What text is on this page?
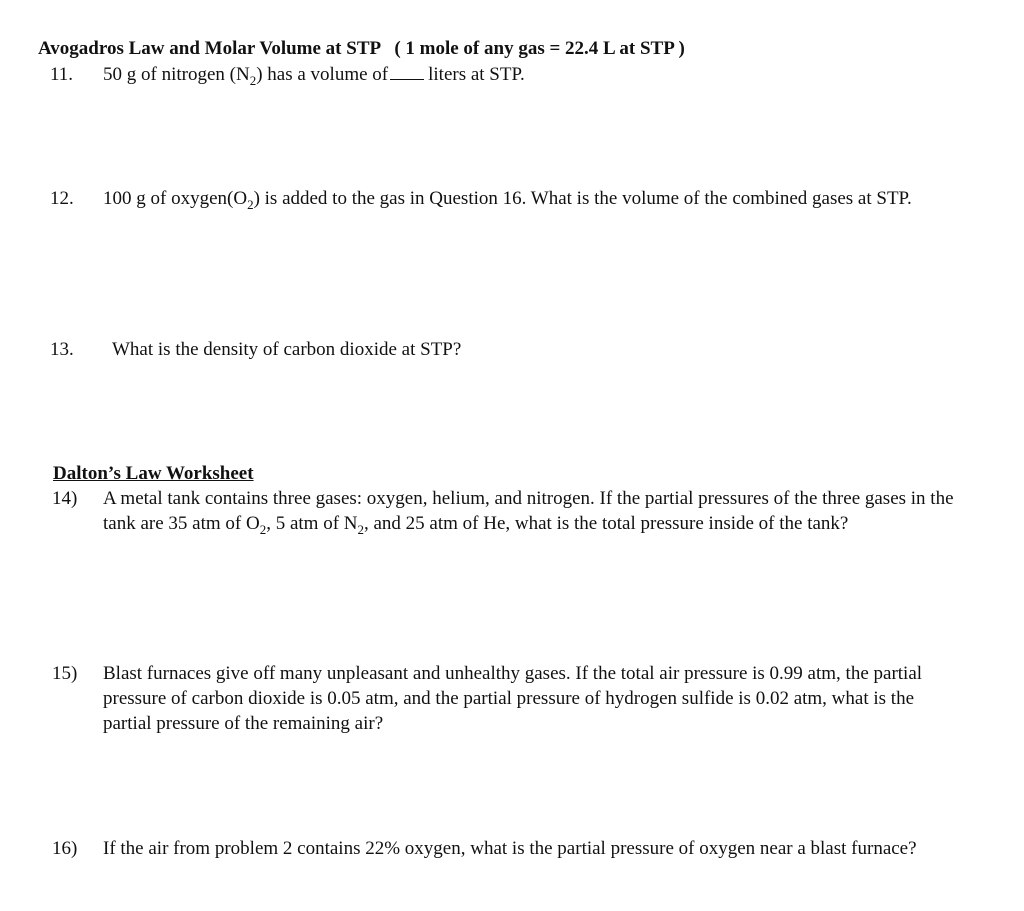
Avogadros Law and Molar Volume at STP ( 1 mole of any gas = 22.4 L at STP )
11. 50 g of nitrogen $(N_2)$ has a volume of liters at STP.
12. 100 g of $oxygen(O_2)$ is added to the gas in Question 16. What is the volume of the combined gases at STP.
13. What is the density of carbon dioxide at STP?
Dalton’s Law Worksheet
14) A metal tank contains three gases: oxygen, helium, and nitrogen. If the partial pressures of the three gases in the tank are 35 atm of $O_2$, 5 atm of $N_2$, and 25 atm of He, what is the total pressure inside of the tank?
15) Blast furnaces give off many unpleasant and unhealthy gases. If the total air pressure is 0.99 atm, the partial pressure of carbon dioxide is 0.05 atm, and the partial pressure of hydrogen sulfide is 0.02 atm, what is the partial pressure of the remaining air?
16) If the air from problem 2 contains 22% oxygen, what is the partial pressure of oxygen near a blast furnace?
